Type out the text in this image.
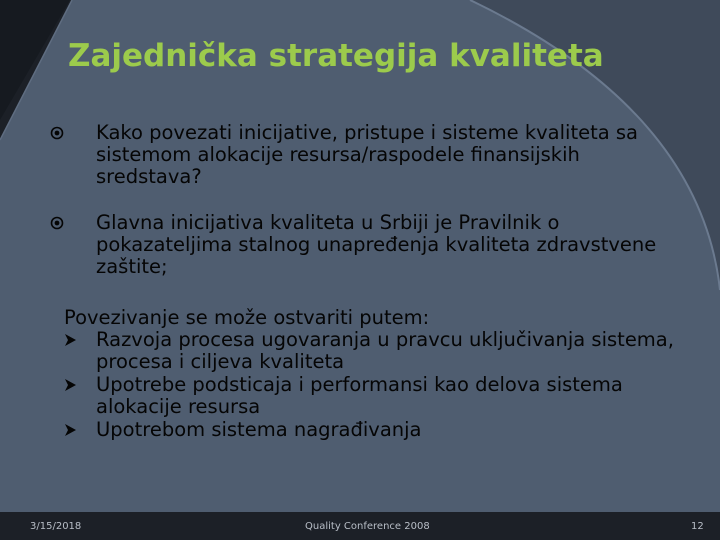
Zajednička strategija kvaliteta
Kako povezati inicijative, pristupe i sisteme kvaliteta sa sistemom alokacije resursa/raspodele finansijskih sredstava?
Glavna inicijativa kvaliteta u Srbiji je Pravilnik o pokazateljima stalnog unapređenja kvaliteta zdravstvene zaštite;
Povezivanje se može ostvariti putem:
Razvoja procesa ugovaranja u pravcu uključivanja sistema, procesa i ciljeva kvaliteta
Upotrebe podsticaja i performansi kao delova sistema alokacije resursa
Upotrebom sistema nagrađivanja
3/15/2018	Quality Conference 2008	12
